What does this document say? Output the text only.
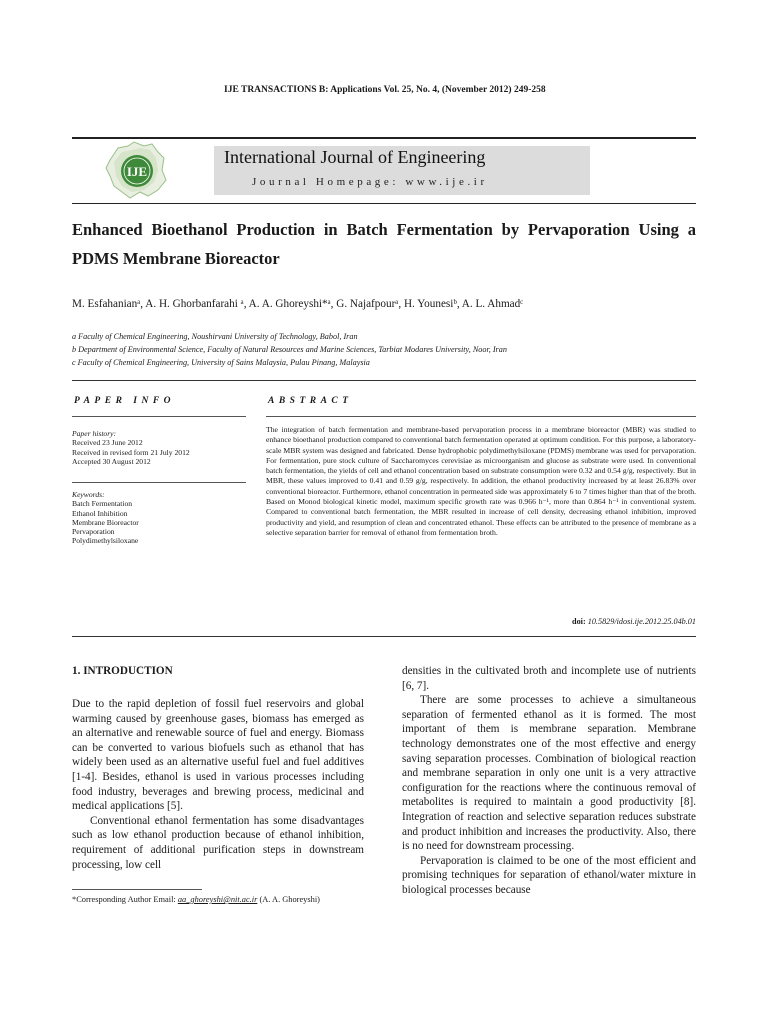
IJE TRANSACTIONS B: Applications Vol. 25, No. 4, (November 2012) 249-258
IJE
International Journal of Engineering
Journal Homepage: www.ije.ir
Enhanced Bioethanol Production in Batch Fermentation by Pervaporation Using a PDMS Membrane Bioreactor
M. Esfahanianᵃ, A. H. Ghorbanfarahi ᵃ, A. A. Ghoreyshi*ᵃ, G. Najafpourᵃ, H. Younesiᵇ, A. L. Ahmadᶜ
a Faculty of Chemical Engineering, Noushirvani University of Technology, Babol, Iran
b Department of Environmental Science, Faculty of Natural Resources and Marine Sciences, Tarbiat Modares University, Noor, Iran
c Faculty of Chemical Engineering, University of Sains Malaysia, Pulau Pinang, Malaysia
PAPER INFO
Paper history:
Received 23 June 2012
Received in revised form 21 July 2012
Accepted 30 August 2012
Keywords:
Batch Fermentation
Ethanol Inhibition
Membrane Bioreactor
Pervaporation
Polydimethylsiloxane
ABSTRACT
The integration of batch fermentation and membrane-based pervaporation process in a membrane bioreactor (MBR) was studied to enhance bioethanol production compared to conventional batch fermentation operated at optimum condition. For this purpose, a laboratory-scale MBR system was designed and fabricated. Dense hydrophobic polydimethylsiloxane (PDMS) membrane was used for pervaporation. For fermentation, pure stock culture of Saccharomyces cerevisiae as microorganism and glucose as substrate were used. In conventional batch fermentation, the yields of cell and ethanol concentration based on substrate consumption were 0.32 and 0.54 g/g, respectively. But in MBR, these values improved to 0.41 and 0.59 g/g, respectively. In addition, the ethanol productivity increased by at least 26.83% over conventional bioreactor. Furthermore, ethanol concentration in permeated side was approximately 6 to 7 times higher than that of the broth. Based on Monod biological kinetic model, maximum specific growth rate was 0.966 h⁻¹, more than 0.864 h⁻¹ in conventional system. Compared to conventional batch fermentation, the MBR resulted in increase of cell density, decreasing ethanol inhibition, improved productivity and yield, and resumption of clean and concentrated ethanol. These effects can be attributed to the presence of membrane as a selective separation barrier for removal of ethanol from fermentation broth.
doi: 10.5829/idosi.ije.2012.25.04b.01
1. INTRODUCTION

Due to the rapid depletion of fossil fuel reservoirs and global warming caused by greenhouse gases, biomass has emerged as an alternative and renewable source of fuel and energy. Biomass can be converted to various biofuels such as ethanol that has widely been used as an alternative useful fuel and fuel additives [1-4]. Besides, ethanol is used in various processes including food industry, beverages and brewing process, medicinal and medical applications [5].

Conventional ethanol fermentation has some disadvantages such as low ethanol production because of ethanol inhibition, requirement of additional purification steps in downstream processing, low cell

densities in the cultivated broth and incomplete use of nutrients [6, 7].

There are some processes to achieve a simultaneous separation of fermented ethanol as it is formed. The most important of them is membrane separation. Membrane technology demonstrates one of the most effective and energy saving separation processes. Combination of biological reaction and membrane separation in only one unit is a very attractive configuration for the reactions where the continuous removal of metabolites is required to maintain a good productivity [8]. Integration of reaction and selective separation reduces substrate and product inhibition and increases the productivity. Also, there is no need for downstream processing.

Pervaporation is claimed to be one of the most efficient and promising techniques for separation of ethanol/water mixture in biological processes because

*Corresponding Author Email: aa_ghoreyshi@nit.ac.ir (A. A. Ghoreyshi)
